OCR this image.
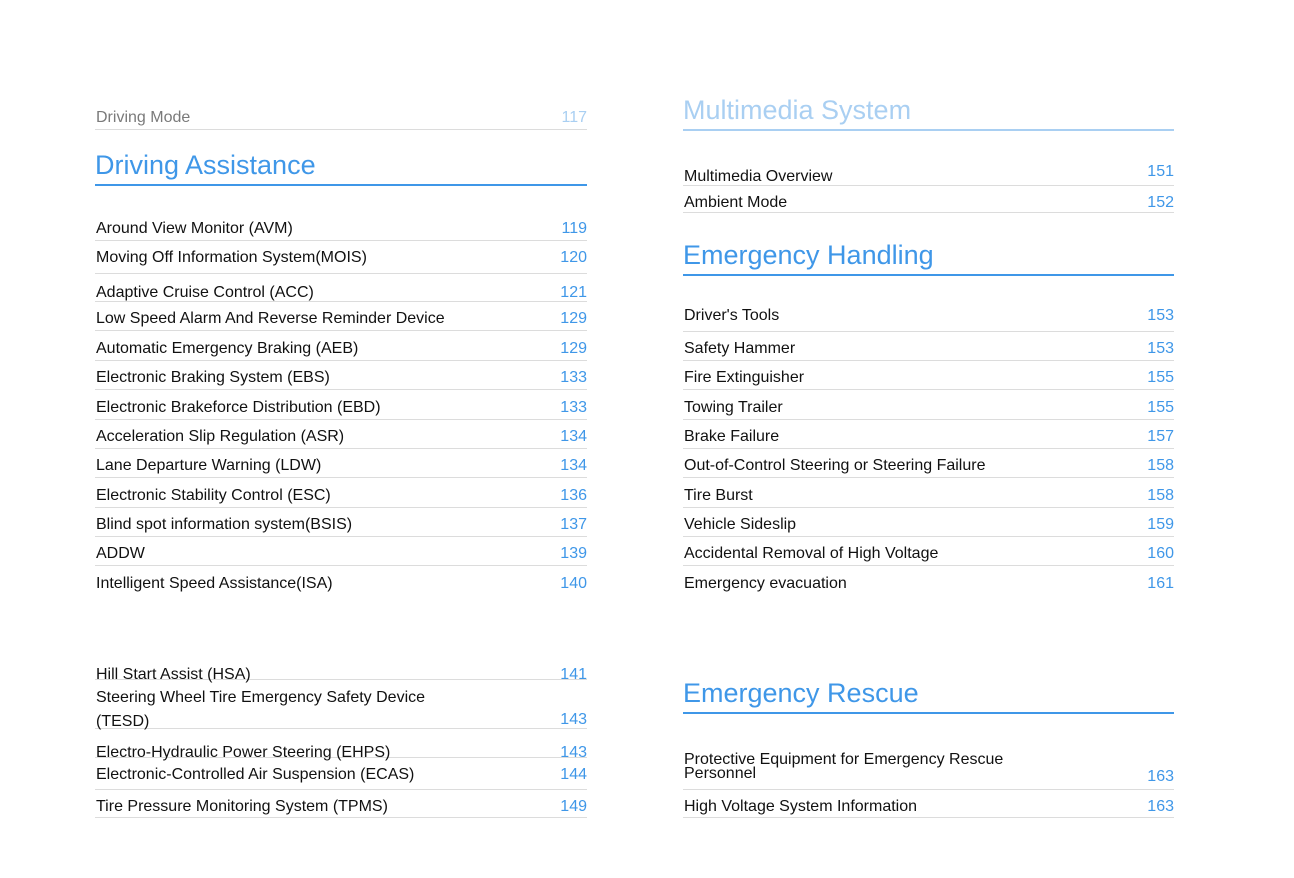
Driving Mode	117
Driving Assistance
Around View Monitor (AVM)	119
Moving Off Information System(MOIS)	120
Adaptive Cruise Control (ACC)	121
Low Speed Alarm And Reverse Reminder Device	129
Automatic Emergency Braking (AEB)	129
Electronic Braking System (EBS)	133
Electronic Brakeforce Distribution (EBD)	133
Acceleration Slip Regulation (ASR)	134
Lane Departure Warning (LDW)	134
Electronic Stability Control (ESC)	136
Blind spot information system(BSIS)	137
ADDW	139
Intelligent Speed Assistance(ISA)	140
Hill Start Assist (HSA)	141
Steering Wheel Tire Emergency Safety Device (TESD)	143
Electro-Hydraulic Power Steering (EHPS)	143
Electronic-Controlled Air Suspension (ECAS)	144
Tire Pressure Monitoring System (TPMS)	149
Multimedia System
Multimedia Overview	151
Ambient Mode	152
Emergency Handling
Driver's Tools	153
Safety Hammer	153
Fire Extinguisher	155
Towing Trailer	155
Brake Failure	157
Out-of-Control Steering or Steering Failure	158
Tire Burst	158
Vehicle Sideslip	159
Accidental Removal of High Voltage	160
Emergency evacuation	161
Emergency Rescue
Protective Equipment for Emergency Rescue Personnel	163
High Voltage System Information	163
